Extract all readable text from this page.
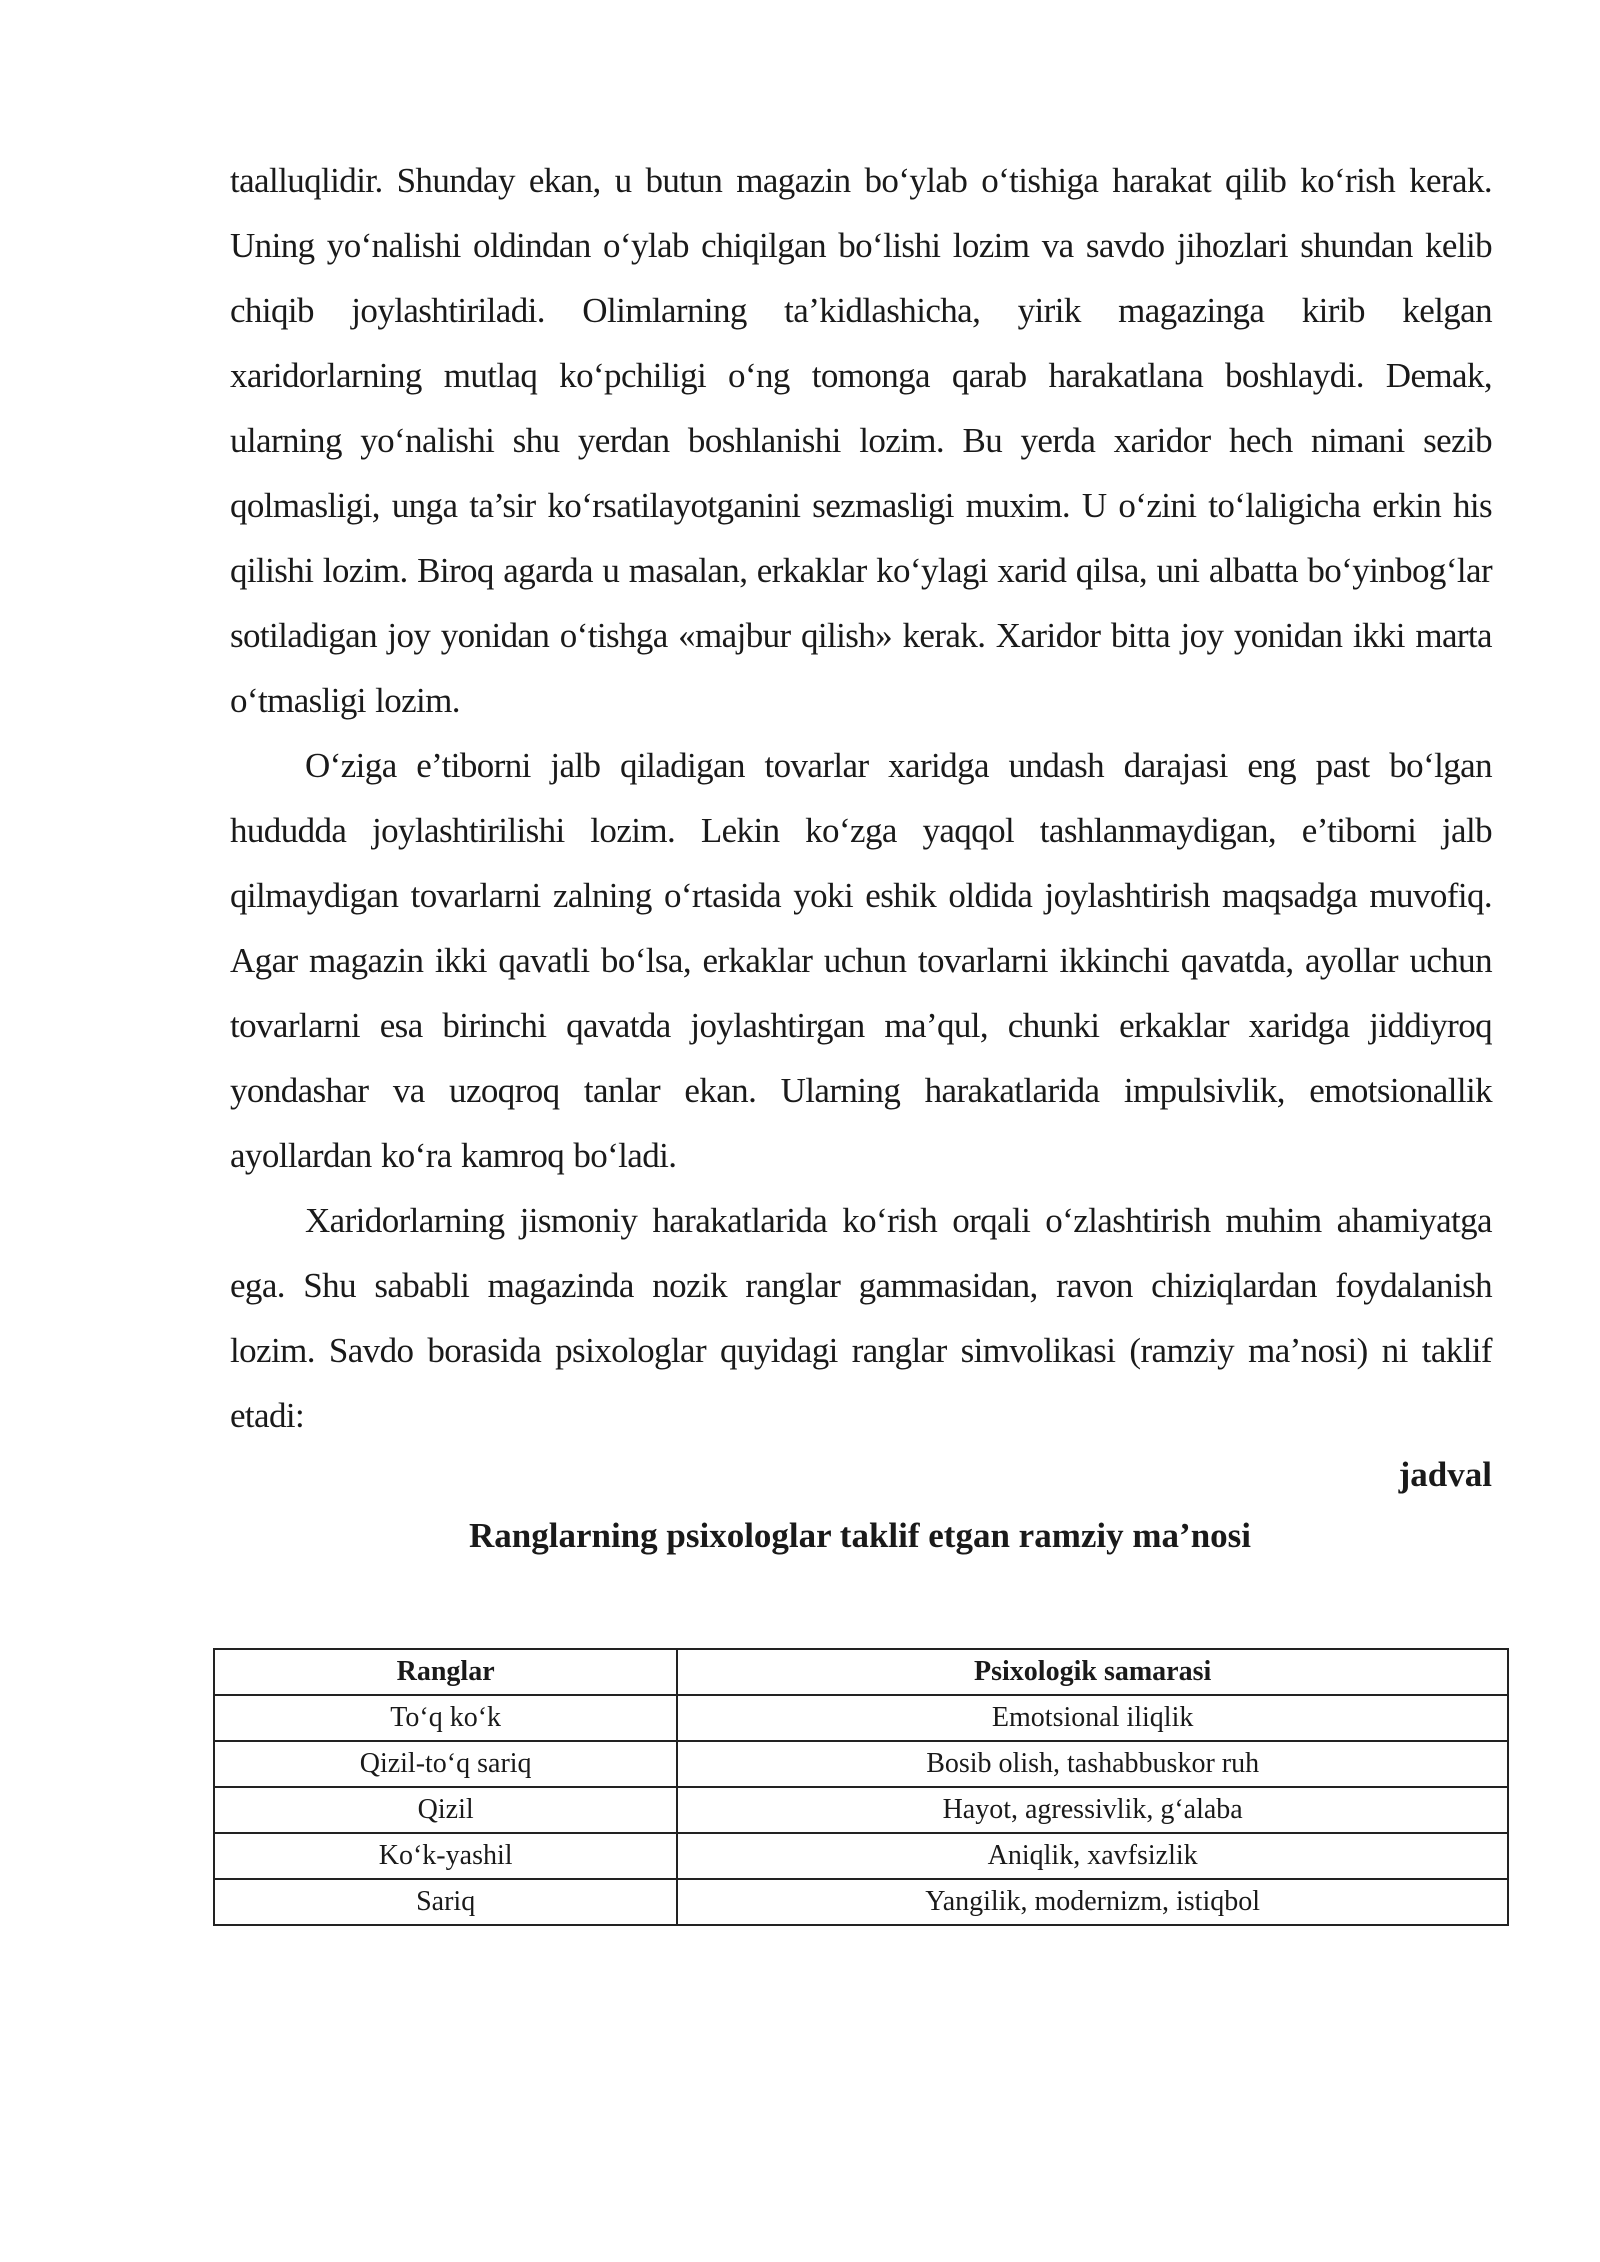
taalluqlidir. Shunday ekan, u butun magazin bo‘ylab o‘tishiga harakat qilib ko‘rish kerak. Uning yo‘nalishi oldindan o‘ylab chiqilgan bo‘lishi lozim va savdo jihozlari shundan kelib chiqib joylashtiriladi. Olimlarning ta’kidlashicha, yirik magazinga kirib kelgan xaridorlarning mutlaq ko‘pchiligi o‘ng tomonga qarab harakatlana boshlaydi. Demak, ularning yo‘nalishi shu yerdan boshlanishi lozim. Bu yerda xaridor hech nimani sezib qolmasligi, unga ta’sir ko‘rsatilayotganini sezmasligi muxim. U o‘zini to‘laligicha erkin his qilishi lozim. Biroq agarda u masalan, erkaklar ko‘ylagi xarid qilsa, uni albatta bo‘yinbog‘lar sotiladigan joy yonidan o‘tishga «majbur qilish» kerak. Xaridor bitta joy yonidan ikki marta o‘tmasligi lozim.

O‘ziga e’tiborni jalb qiladigan tovarlar xaridga undash darajasi eng past bo‘lgan hududda joylashtirilishi lozim. Lekin ko‘zga yaqqol tashlanmaydigan, e’tiborni jalb qilmaydigan tovarlarni zalning o‘rtasida yoki eshik oldida joylashtirish maqsadga muvofiq. Agar magazin ikki qavatli bo‘lsa, erkaklar uchun tovarlarni ikkinchi qavatda, ayollar uchun tovarlarni esa birinchi qavatda joylashtirgan ma’qul, chunki erkaklar xaridga jiddiyroq yondashar va uzoqroq tanlar ekan. Ularning harakatlarida impulsivlik, emotsionallik ayollardan ko‘ra kamroq bo‘ladi.

Xaridorlarning jismoniy harakatlarida ko‘rish orqali o‘zlashtirish muhim ahamiyatga ega. Shu sababli magazinda nozik ranglar gammasidan, ravon chiziqlardan foydalanish lozim. Savdo borasida psixologlar quyidagi ranglar simvolikasi (ramziy ma’nosi) ni taklif etadi:

jadval

Ranglarning psixologlar taklif etgan ramziy ma’nosi

Ranglar	Psixologik samarasi
To‘q ko‘k	Emotsional iliqlik
Qizil-to‘q sariq	Bosib olish, tashabbuskor ruh
Qizil	Hayot, agressivlik, g‘alaba
Ko‘k-yashil	Aniqlik, xavfsizlik
Sariq	Yangilik, modernizm, istiqbol
